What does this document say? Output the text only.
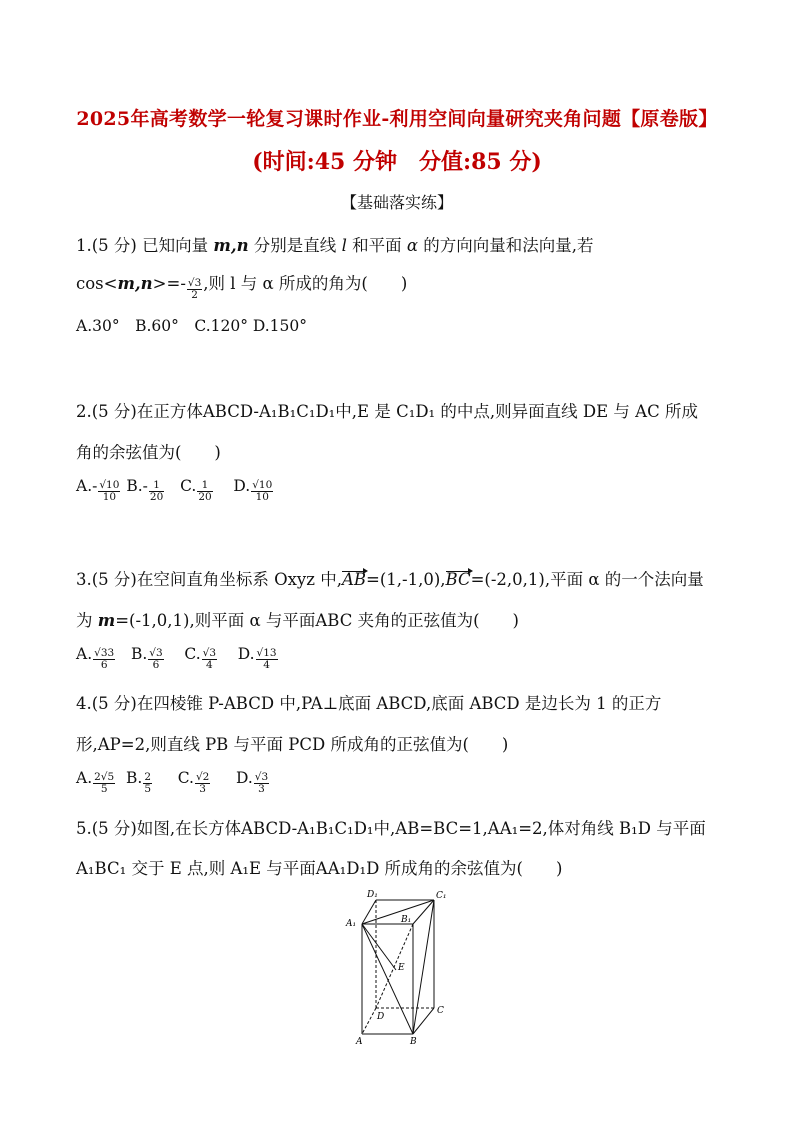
2025年高考数学一轮复习课时作业-利用空间向量研究夹角问题【原卷版】
(时间:45 分钟　分值:85 分)
【基础落实练】
1.(5 分) 已知向量 m,n 分别是直线 l 和平面 α 的方向向量和法向量,若
$\cos<m,n>=- \frac{√3}{2}$ ,则 l 与 α 所成的角为(　　)
A.30°　B.60°　C.120° D.150°
2.(5 分)在正方体ABCD-A₁B₁C₁D₁中,E 是 C₁D₁ 的中点,则异面直线 DE 与 AC 所成
角的余弦值为(　　)
$A.- \frac{√10}{10} B.- \frac{1}{20} C$. $\frac{1}{20} D$. $\frac{√10}{10}$
3.(5 分)在空间直角坐标系 Oxyz 中,AB=(1,-1,0),BC=(-2,0,1),平面 α 的一个法向量
为 m=(-1,0,1),则平面 α 与平面ABC 夹角的正弦值为(　　)
A. $\frac{√33}{6} B$. $\frac{√3}{6} C$. $\frac{√3}{4} D$. $\frac{√13}{4}$
4.(5 分)在四棱锥 P-ABCD 中,PA⊥底面 ABCD,底面 ABCD 是边长为 1 的正方
形,AP=2,则直线 PB 与平面 PCD 所成角的正弦值为(　　)
A. $\frac{2√5}{5} B$. $\frac{2}{5} C$. $\frac{√2}{3} D$. $\frac{√3}{3}$
5.(5 分)如图,在长方体ABCD-A₁B₁C₁D₁中,AB=BC=1,AA₁=2,体对角线 B₁D 与平面
A₁BC₁ 交于 E 点,则 A₁E 与平面AA₁D₁D 所成角的余弦值为(　　)
D₁	C₁
A₁	B₁
E
D
C
A	B
